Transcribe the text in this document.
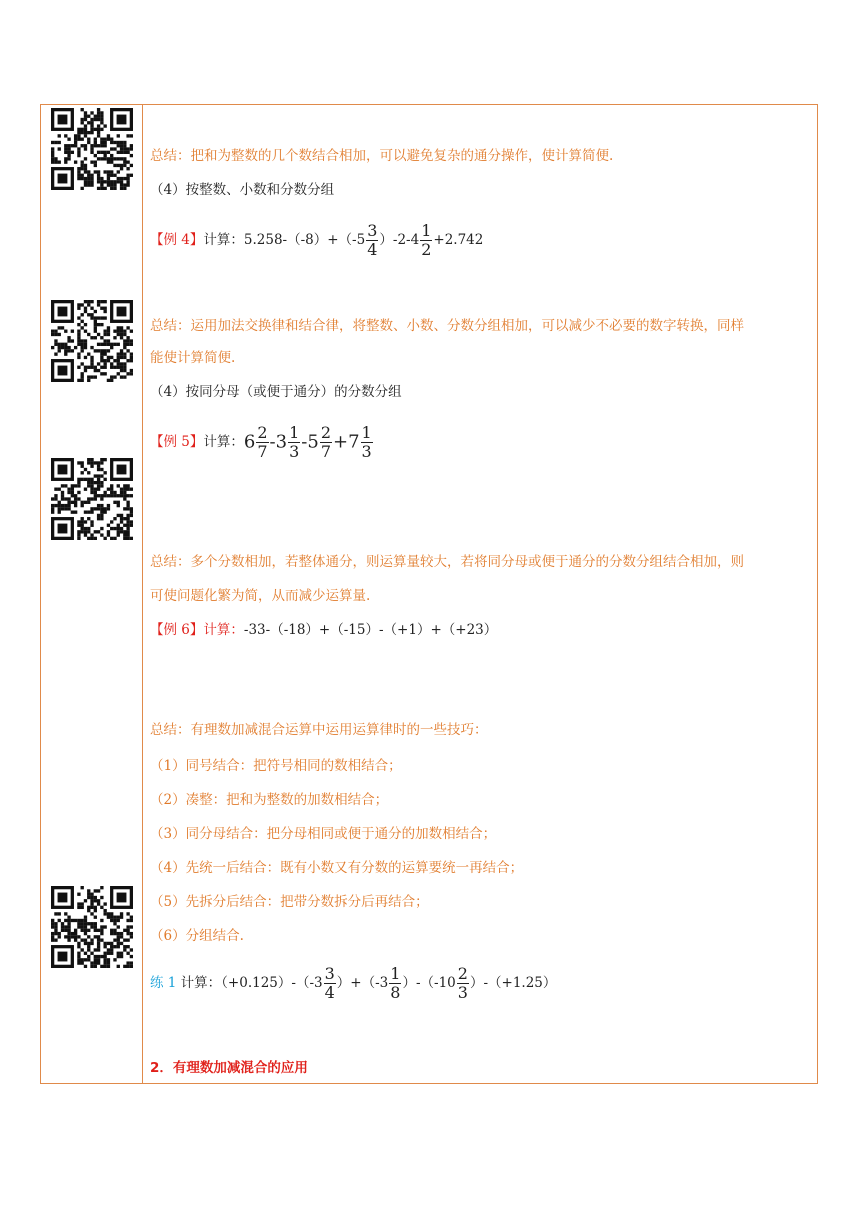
总结：把和为整数的几个数结合相加，可以避免复杂的通分操作，使计算简便.
（4）按整数、小数和分数分组
【例 4】计算：$5.258-(-8)+(-5 \frac{3}{4} )-2-4 \frac{1}{2} +2.742$
总结：运用加法交换律和结合律，将整数、小数、分数分组相加，可以减少不必要的数字转换，同样
能使计算简便.
（4）按同分母（或便于通分）的分数分组
【例 5】计算：$6 \frac{2}{7} -3 \frac{1}{3} -5 \frac{2}{7} +7 \frac{1}{3}$
总结：多个分数相加，若整体通分，则运算量较大，若将同分母或便于通分的分数分组结合相加，则
可使问题化繁为简，从而减少运算量.
【例 6】计算：-33-（-18）+（-15）-（+1）+（+23）
总结：有理数加减混合运算中运用运算律时的一些技巧：
（1）同号结合：把符号相同的数相结合；
（2）凑整：把和为整数的加数相结合；
（3）同分母结合：把分母相同或便于通分的加数相结合；
（4）先统一后结合：既有小数又有分数的运算要统一再结合；
（5）先拆分后结合：把带分数拆分后再结合；
（6）分组结合.
练 1 计算：$(+0.125)-(-3 \frac{3}{4} )+(-3 \frac{1}{8} )-(-10 \frac{2}{3} )-(+1.25)$
2．有理数加减混合的应用
